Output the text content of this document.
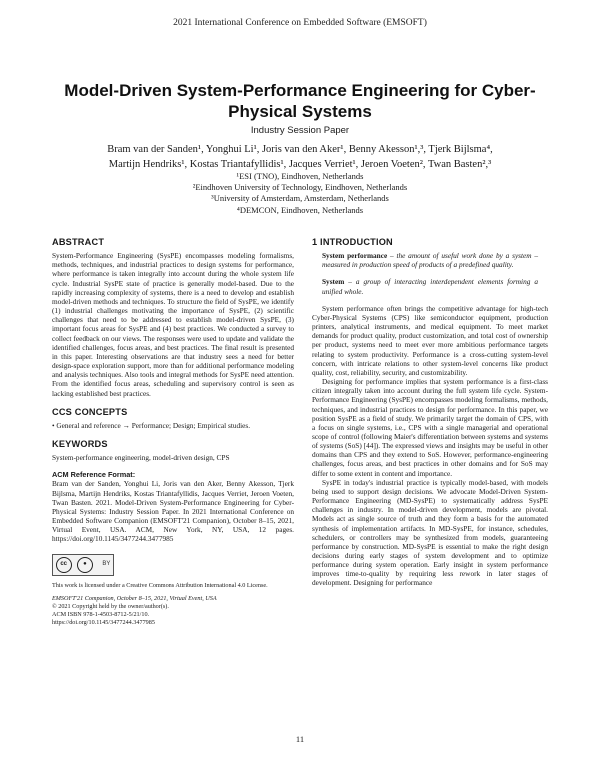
2021 International Conference on Embedded Software (EMSOFT)
Model-Driven System-Performance Engineering for Cyber-Physical Systems
Industry Session Paper
Bram van der Sanden¹, Yonghui Li¹, Joris van den Aker¹, Benny Akesson¹,³, Tjerk Bijlsma⁴,
Martijn Hendriks¹, Kostas Triantafyllidis¹, Jacques Verriet¹, Jeroen Voeten², Twan Basten²,³
¹ESI (TNO), Eindhoven, Netherlands
²Eindhoven University of Technology, Eindhoven, Netherlands
³University of Amsterdam, Amsterdam, Netherlands
⁴DEMCON, Eindhoven, Netherlands
ABSTRACT

System-Performance Engineering (SysPE) encompasses modeling formalisms, methods, techniques, and industrial practices to design systems for performance, where performance is taken integrally into account during the whole system life cycle. Industrial SysPE state of practice is generally model-based. Due to the rapidly increasing complexity of systems, there is a need to develop and establish model-driven methods and techniques. To structure the field of SysPE, we identify (1) industrial challenges motivating the importance of SysPE, (2) scientific challenges that need to be addressed to establish model-driven SysPE, (3) important focus areas for SysPE and (4) best practices. We conducted a survey to collect feedback on our views. The responses were used to update and validate the identified challenges, focus areas, and best practices. The final result is presented in this paper. Interesting observations are that industry sees a need for better design-space exploration support, more than for additional performance modeling and analysis techniques. Also tools and integral methods for SysPE need attention. From the identified focus areas, scheduling and supervisory control is seen as lacking established best practices.

CCS CONCEPTS

• General and reference → Performance; Design; Empirical studies.

KEYWORDS

System-performance engineering, model-driven design, CPS

ACM Reference Format:

Bram van der Sanden, Yonghui Li, Joris van den Aker, Benny Akesson, Tjerk Bijlsma, Martijn Hendriks, Kostas Triantafyllidis, Jacques Verriet, Jeroen Voeten, Twan Basten. 2021. Model-Driven System-Performance Engineering for Cyber-Physical Systems: Industry Session Paper. In 2021 International Conference on Embedded Software Companion (EMSOFT'21 Companion), October 8–15, 2021, Virtual Event, USA. ACM, New York, NY, USA, 12 pages. https://doi.org/10.1145/3477244.3477985

cc	●	BY
This work is licensed under a Creative Commons Attribution International 4.0 License.
EMSOFT'21 Companion, October 8–15, 2021, Virtual Event, USA
© 2021 Copyright held by the owner/author(s).
ACM ISBN 978-1-4503-8712-5/21/10.
https://doi.org/10.1145/3477244.3477985
1 INTRODUCTION

System performance – the amount of useful work done by a system – measured in production speed of products of a predefined quality.

System – a group of interacting interdependent elements forming a unified whole.

System performance often brings the competitive advantage for high-tech Cyber-Physical Systems (CPS) like semiconductor equipment, production printers, analytical instruments, and medical equipment. To meet market demands for product quality, product customization, and total cost of ownership per product, systems need to meet ever more ambitious performance targets relating to system productivity. Performance is a cross-cutting system-level concern, with intricate relations to other system-level concerns like product quality, cost, reliability, security, and customizability.

Designing for performance implies that system performance is a first-class citizen integrally taken into account during the full system life cycle. System-Performance Engineering (SysPE) encompasses modeling formalisms, methods, techniques, and industrial practices to design for performance. In this paper, we position SysPE as a field of study. We primarily target the domain of CPS, with a focus on single systems, i.e., CPS with a single managerial and operational scope of control (following Maier's differentiation between systems and systems of systems (SoS) [44]). The expressed views and insights may be useful in other domains than CPS and they extend to SoS. However, performance-engineering challenges, focus areas, and best practices in other domains and for SoS may differ to some extent in content and importance.

SysPE in today's industrial practice is typically model-based, with models being used to support design decisions. We advocate Model-Driven System-Performance Engineering (MD-SysPE) to systematically address SysPE challenges in industry. In model-driven development, models are pivotal. Models act as single source of truth and they form a basis for the automated synthesis of implementation artifacts. In MD-SysPE, for instance, schedules, schedulers, or controllers may be synthesized from models, guaranteeing performance by construction. MD-SysPE is essential to make the right design decisions during early stages of system development and to optimize performance during system operation. Early insight in system performance improves time-to-quality by requiring less rework in later stages of development. Designing for performance

11
